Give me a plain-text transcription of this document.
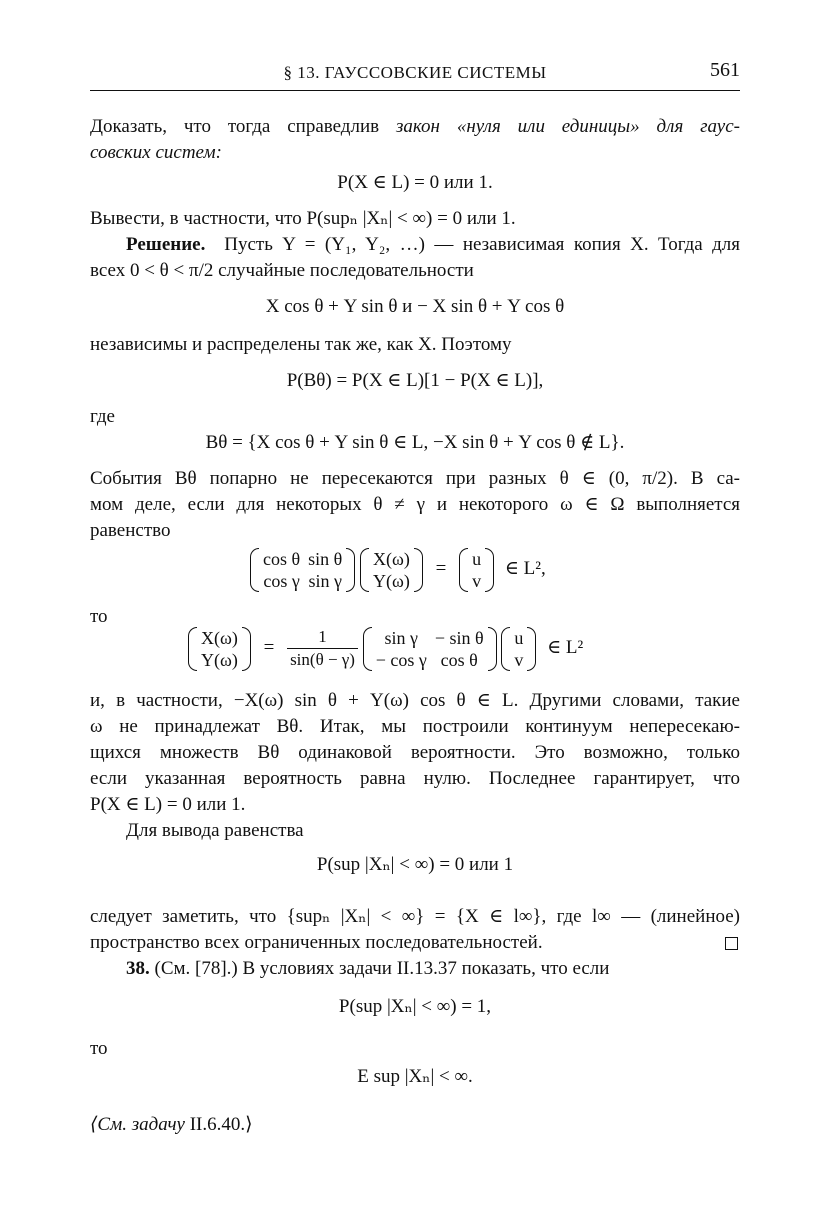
§ 13. ГАУССОВСКИЕ СИСТЕМЫ	561
Доказать, что тогда справедлив закон «нуля или единицы» для гаус-
совских систем:
P(X ∈ L) = 0 или 1.
Вывести, в частности, что P(supₙ |Xₙ| < ∞) = 0 или 1.
Решение. Пусть Y = (Y₁, Y₂, …) — независимая копия X. Тогда для
всех 0 < θ < π/2 случайные последовательности
X cos θ + Y sin θ и − X sin θ + Y cos θ
независимы и распределены так же, как X. Поэтому
P(Bθ) = P(X ∈ L)[1 − P(X ∈ L)],
где
Bθ = {X cos θ + Y sin θ ∈ L, −X sin θ + Y cos θ ∉ L}.
События Bθ попарно не пересекаются при разных θ ∈ (0, π/2). В са-
мом деле, если для некоторых θ ≠ γ и некоторого ω ∈ Ω выполняется
равенство
cos θ	sin θ
cos γ	sin γ

X(ω)
Y(ω)
= u
v
∈ L²,
то
X(ω)
Y(ω)
= $\frac{1}{\sin(\theta - \gamma)}$
sin γ	− sin θ
− cos γ	cos θ

u
v
∈ L²
и, в частности, −X(ω) sin θ + Y(ω) cos θ ∈ L. Другими словами, такие
ω не принадлежат Bθ. Итак, мы построили континуум непересекаю-
щихся множеств Bθ одинаковой вероятности. Это возможно, только
если указанная вероятность равна нулю. Последнее гарантирует, что
P(X ∈ L) = 0 или 1.
Для вывода равенства
P(sup |Xₙ| < ∞) = 0 или 1
следует заметить, что {supₙ |Xₙ| < ∞} = {X ∈ l∞}, где l∞ — (линейное)
пространство всех ограниченных последовательностей.
38. (См. [78].) В условиях задачи II.13.37 показать, что если
P(sup |Xₙ| < ∞) = 1,
то
E sup |Xₙ| < ∞.
⟨См. задачу II.6.40.⟩
